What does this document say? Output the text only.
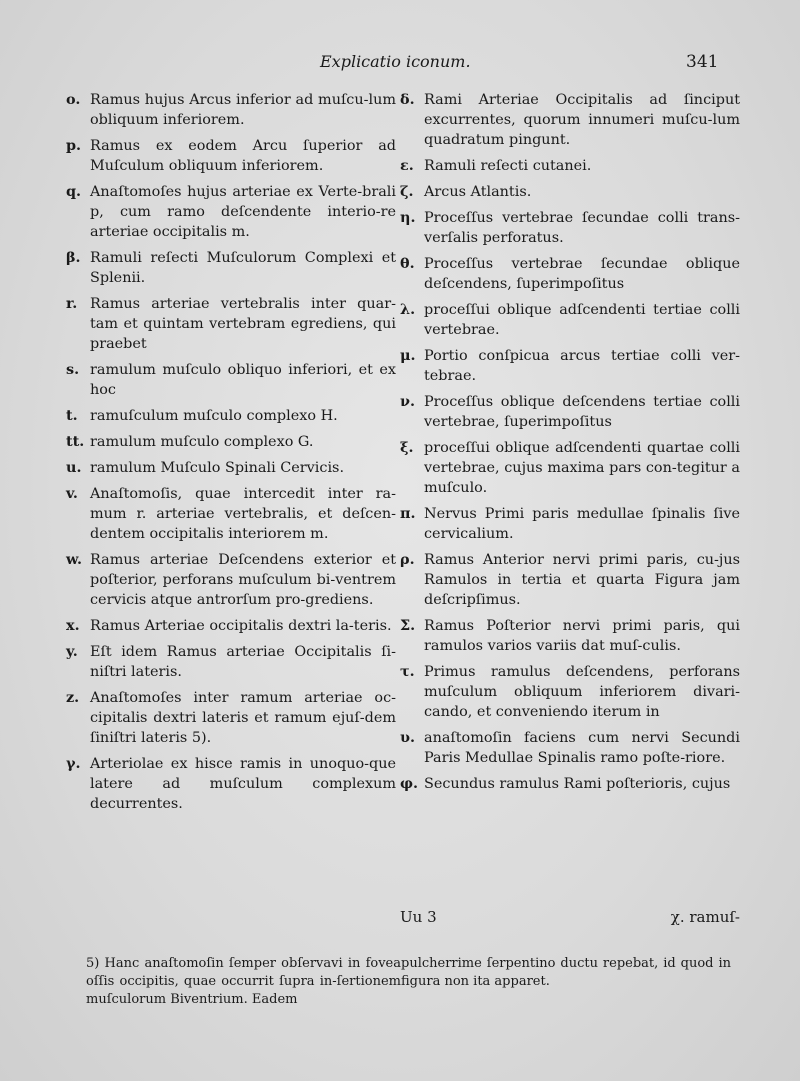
Explicatio iconum.	341
o. Ramus hujus Arcus inferior ad muſcu-lum obliquum inferiorem.
p. Ramus ex eodem Arcu ſuperior ad Muſculum obliquum inferiorem.
q. Anaſtomoſes hujus arteriae ex Verte-brali p, cum ramo deſcendente interio-re arteriae occipitalis m.
β. Ramuli reſecti Muſculorum Complexi et Splenii.
r. Ramus arteriae vertebralis inter quar-tam et quintam vertebram egrediens, qui praebet
s. ramulum muſculo obliquo inferiori, et ex hoc
t. ramuſculum muſculo complexo H.
tt. ramulum muſculo complexo G.
u. ramulum Muſculo Spinali Cervicis.
v. Anaſtomoſis, quae intercedit inter ra-mum r. arteriae vertebralis, et deſcen-dentem occipitalis interiorem m.
w. Ramus arteriae Deſcendens exterior et poſterior, perforans muſculum bi-ventrem cervicis atque antrorſum pro-grediens.
x. Ramus Arteriae occipitalis dextri la-teris.
y. Eſt idem Ramus arteriae Occipitalis ſi-niſtri lateris.
z. Anaſtomoſes inter ramum arteriae oc-cipitalis dextri lateris et ramum ejuſ-dem ſiniſtri lateris 5).
γ. Arteriolae ex hisce ramis in unoquo-que latere ad muſculum complexum decurrentes.
δ. Rami Arteriae Occipitalis ad ſinciput excurrentes, quorum innumeri muſcu-lum quadratum pingunt.
ε. Ramuli reſecti cutanei.
ζ. Arcus Atlantis.
η. Proceſſus vertebrae ſecundae colli trans-verſalis perforatus.
θ. Proceſſus vertebrae ſecundae oblique deſcendens, ſuperimpoſitus
λ. proceſſui oblique adſcendenti tertiae colli vertebrae.
μ. Portio conſpicua arcus tertiae colli ver-tebrae.
ν. Proceſſus oblique deſcendens tertiae colli vertebrae, ſuperimpoſitus
ξ. proceſſui oblique adſcendenti quartae colli vertebrae, cujus maxima pars con-tegitur a muſculo.
π. Nervus Primi paris medullae ſpinalis ſive cervicalium.
ρ. Ramus Anterior nervi primi paris, cu-jus Ramulos in tertia et quarta Figura jam deſcripſimus.
Σ. Ramus Poſterior nervi primi paris, qui ramulos varios variis dat muſ-culis.
τ. Primus ramulus deſcendens, perforans muſculum obliquum inferiorem divari-cando, et conveniendo iterum in
υ. anaſtomoſin faciens cum nervi Secundi Paris Medullae Spinalis ramo poſte-riore.
φ. Secundus ramulus Rami poſterioris, cujus
Uu 3	χ. ramuſ-
5) Hanc anaſtomoſin ſemper obſervavi in fovea oſſis occipitis, quae occurrit ſupra in-ſertionem muſculorum Biventrium. Eadem
pulcherrime ſerpentino ductu repebat, id quod in figura non ita apparet.
